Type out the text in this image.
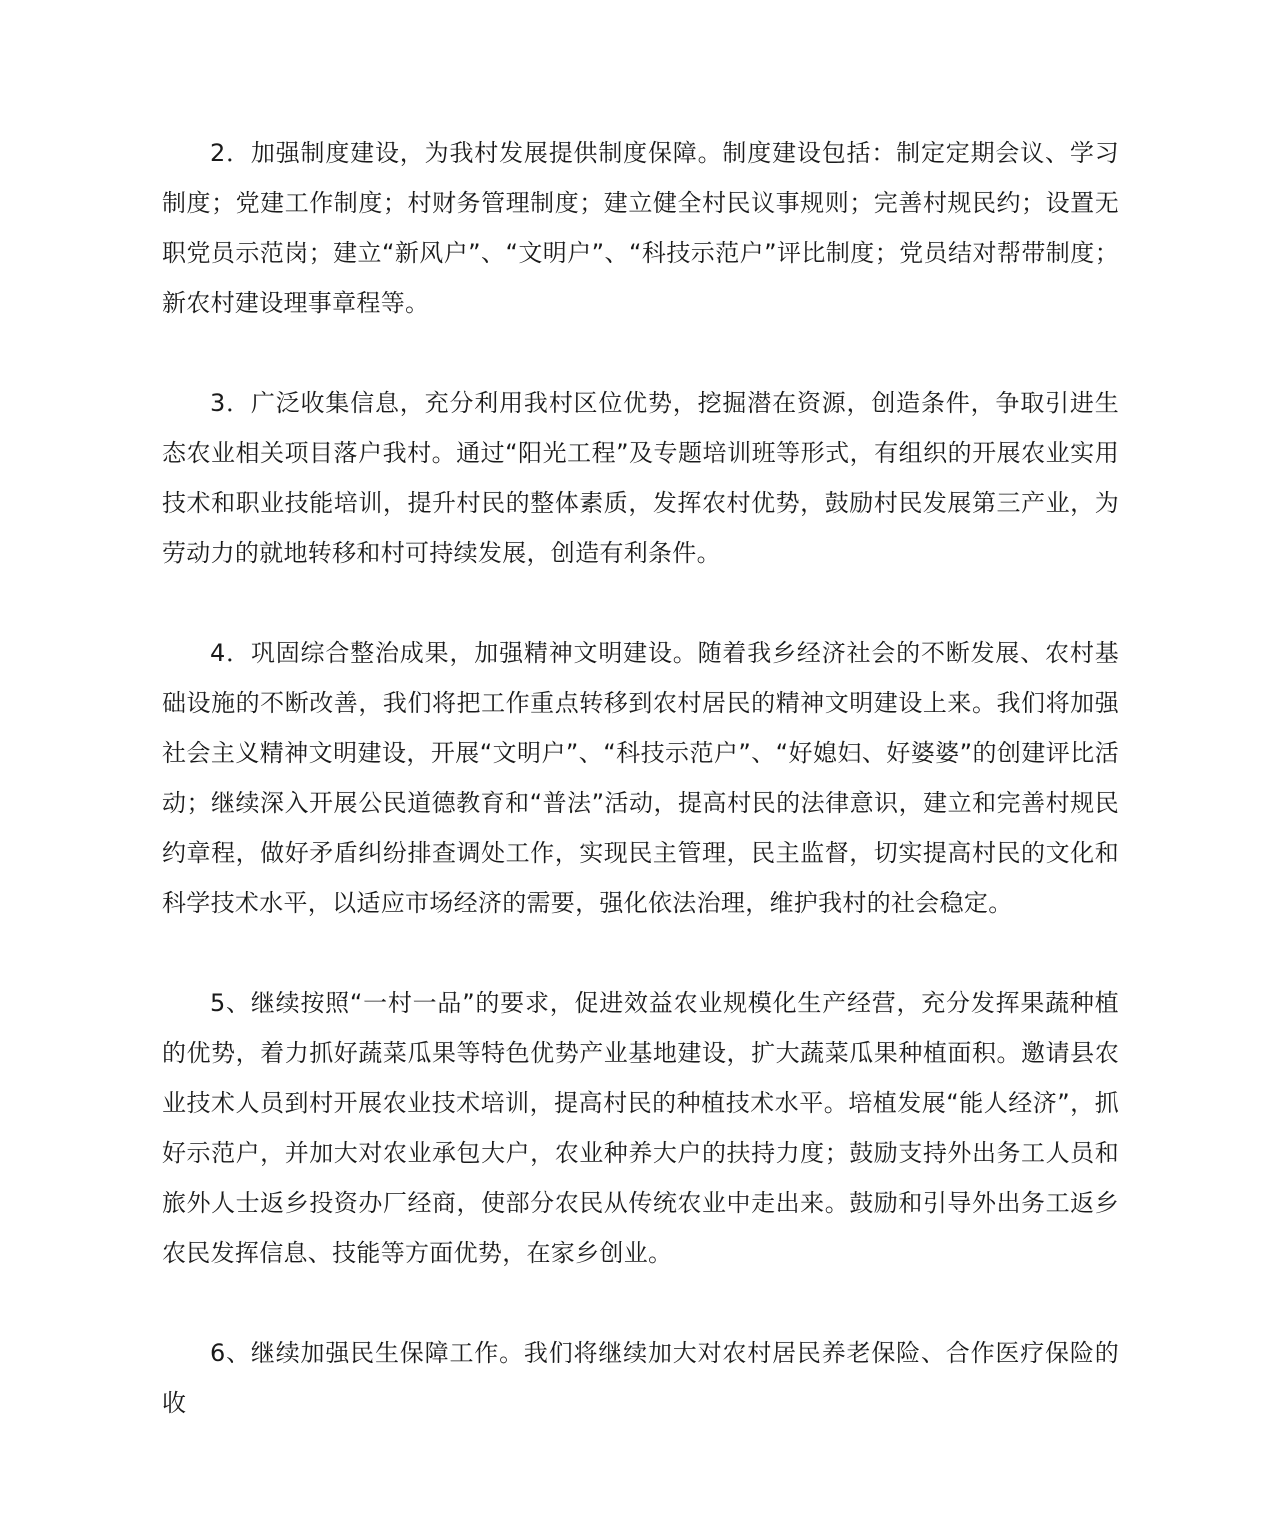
2．加强制度建设，为我村发展提供制度保障。制度建设包括：制定定期会议、学习制度；党建工作制度；村财务管理制度；建立健全村民议事规则；完善村规民约；设置无职党员示范岗；建立“新风户”、“文明户”、“科技示范户”评比制度；党员结对帮带制度；新农村建设理事章程等。

3．广泛收集信息，充分利用我村区位优势，挖掘潜在资源，创造条件，争取引进生态农业相关项目落户我村。通过“阳光工程”及专题培训班等形式，有组织的开展农业实用技术和职业技能培训，提升村民的整体素质，发挥农村优势，鼓励村民发展第三产业，为劳动力的就地转移和村可持续发展，创造有利条件。

4．巩固综合整治成果，加强精神文明建设。随着我乡经济社会的不断发展、农村基础设施的不断改善，我们将把工作重点转移到农村居民的精神文明建设上来。我们将加强社会主义精神文明建设，开展“文明户”、“科技示范户”、“好媳妇、好婆婆”的创建评比活动；继续深入开展公民道德教育和“普法”活动，提高村民的法律意识，建立和完善村规民约章程，做好矛盾纠纷排查调处工作，实现民主管理，民主监督，切实提高村民的文化和科学技术水平，以适应市场经济的需要，强化依法治理，维护我村的社会稳定。

5、继续按照“一村一品”的要求，促进效益农业规模化生产经营，充分发挥果蔬种植的优势，着力抓好蔬菜瓜果等特色优势产业基地建设，扩大蔬菜瓜果种植面积。邀请县农业技术人员到村开展农业技术培训，提高村民的种植技术水平。培植发展“能人经济”，抓好示范户，并加大对农业承包大户，农业种养大户的扶持力度；鼓励支持外出务工人员和旅外人士返乡投资办厂经商，使部分农民从传统农业中走出来。鼓励和引导外出务工返乡农民发挥信息、技能等方面优势，在家乡创业。

6、继续加强民生保障工作。我们将继续加大对农村居民养老保险、合作医疗保险的收
